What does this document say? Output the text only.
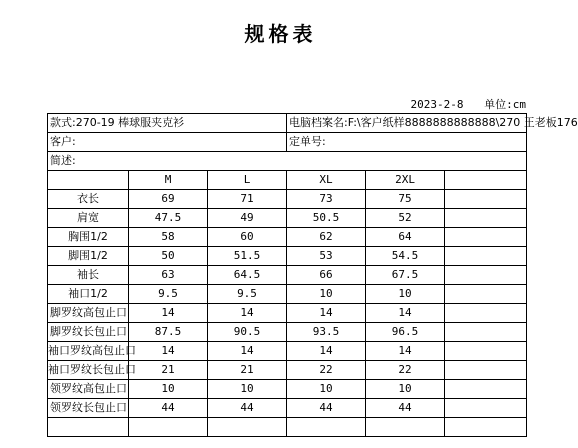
规格表
2023-2-8 单位:cm
款式:270-19 棒球服夹克衫			电脑档案名:F:\客户纸样8888888888888\270 王老板176		
客户:			定单号:		
简述:					
	M	L	XL	2XL	
衣长	69	71	73	75	
肩宽	47.5	49	50.5	52	
胸围1/2	58	60	62	64	
脚围1/2	50	51.5	53	54.5	
袖长	63	64.5	66	67.5	
袖口1/2	9.5	9.5	10	10	
脚罗纹高包止口	14	14	14	14	
脚罗纹长包止口	87.5	90.5	93.5	96.5	
袖口罗纹高包止口	14	14	14	14	
袖口罗纹长包止口	21	21	22	22	
领罗纹高包止口	10	10	10	10	
领罗纹长包止口	44	44	44	44	
